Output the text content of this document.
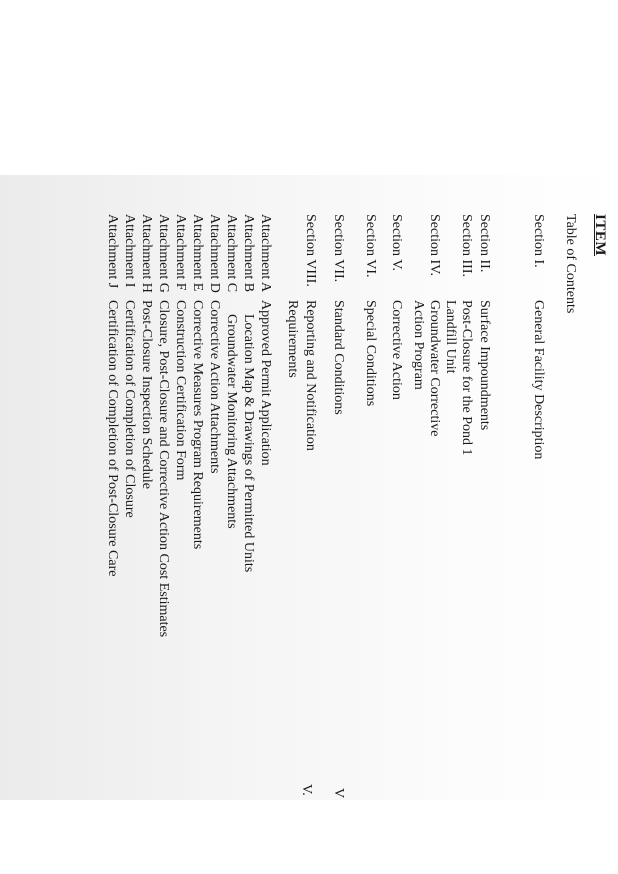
ITEM
Table of Contents
Section I.
General Facility Description
Section II.
Surface Impoundments
Section III.
Post-Closure for the Pond 1
Landfill Unit
Section IV.
Groundwater Corrective
Action Program
Section V.
Corrective Action
Section VI.
Special Conditions
Section VII.
Standard Conditions
Section VIII.
Reporting and Notification
Requirements
V
V.
Attachment A
Approved Permit Application
Attachment B
Location Map & Drawings of Permitted Units
Attachment C
Groundwater Monitoring Attachments
Attachment D
Corrective Action Attachments
Attachment E
Corrective Measures Program Requirements
Attachment F
Construction Certification Form
Attachment G
Closure, Post-Closure and Corrective Action Cost Estimates
Attachment H
Post-Closure Inspection Schedule
Attachment I
Certification of Completion of Closure
Attachment J
Certification of Completion of Post-Closure Care
